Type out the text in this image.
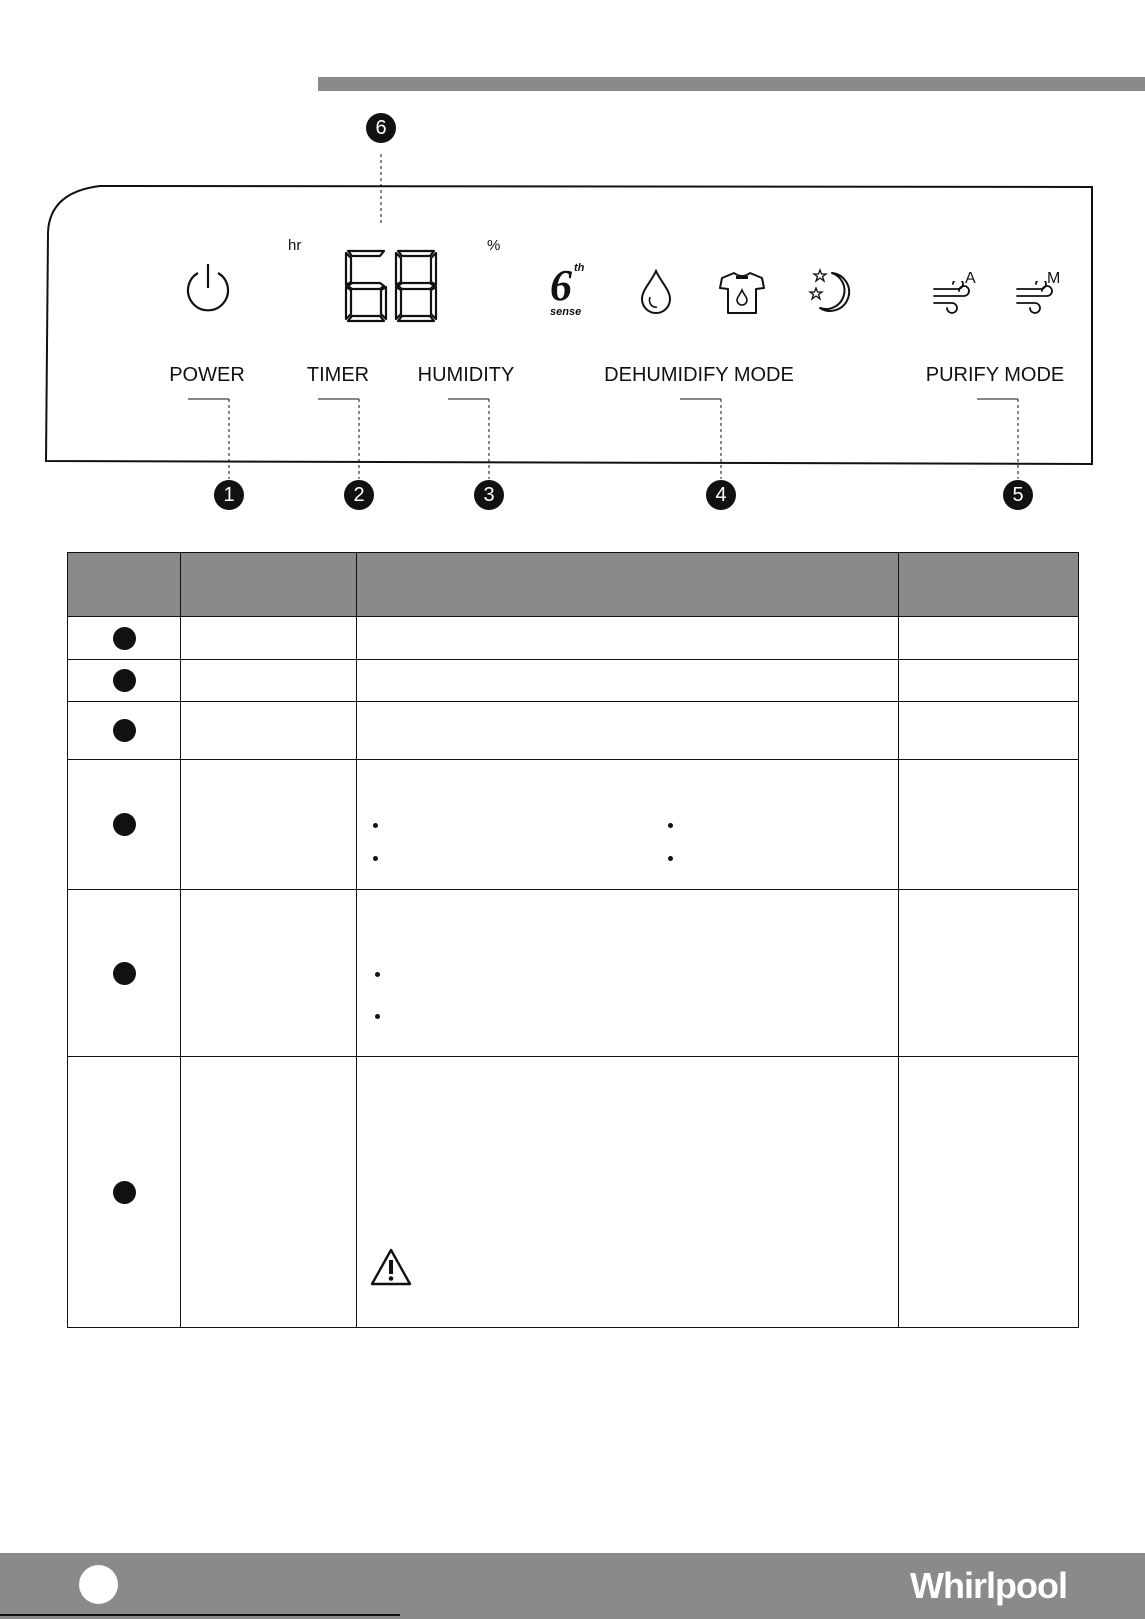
6
1	2	3	4	5
hr	%
6 th
sense
A	M
POWER	TIMER HUMIDITY	DEHUMIDIFY MODE	PURIFY MODE

Whirlpool
